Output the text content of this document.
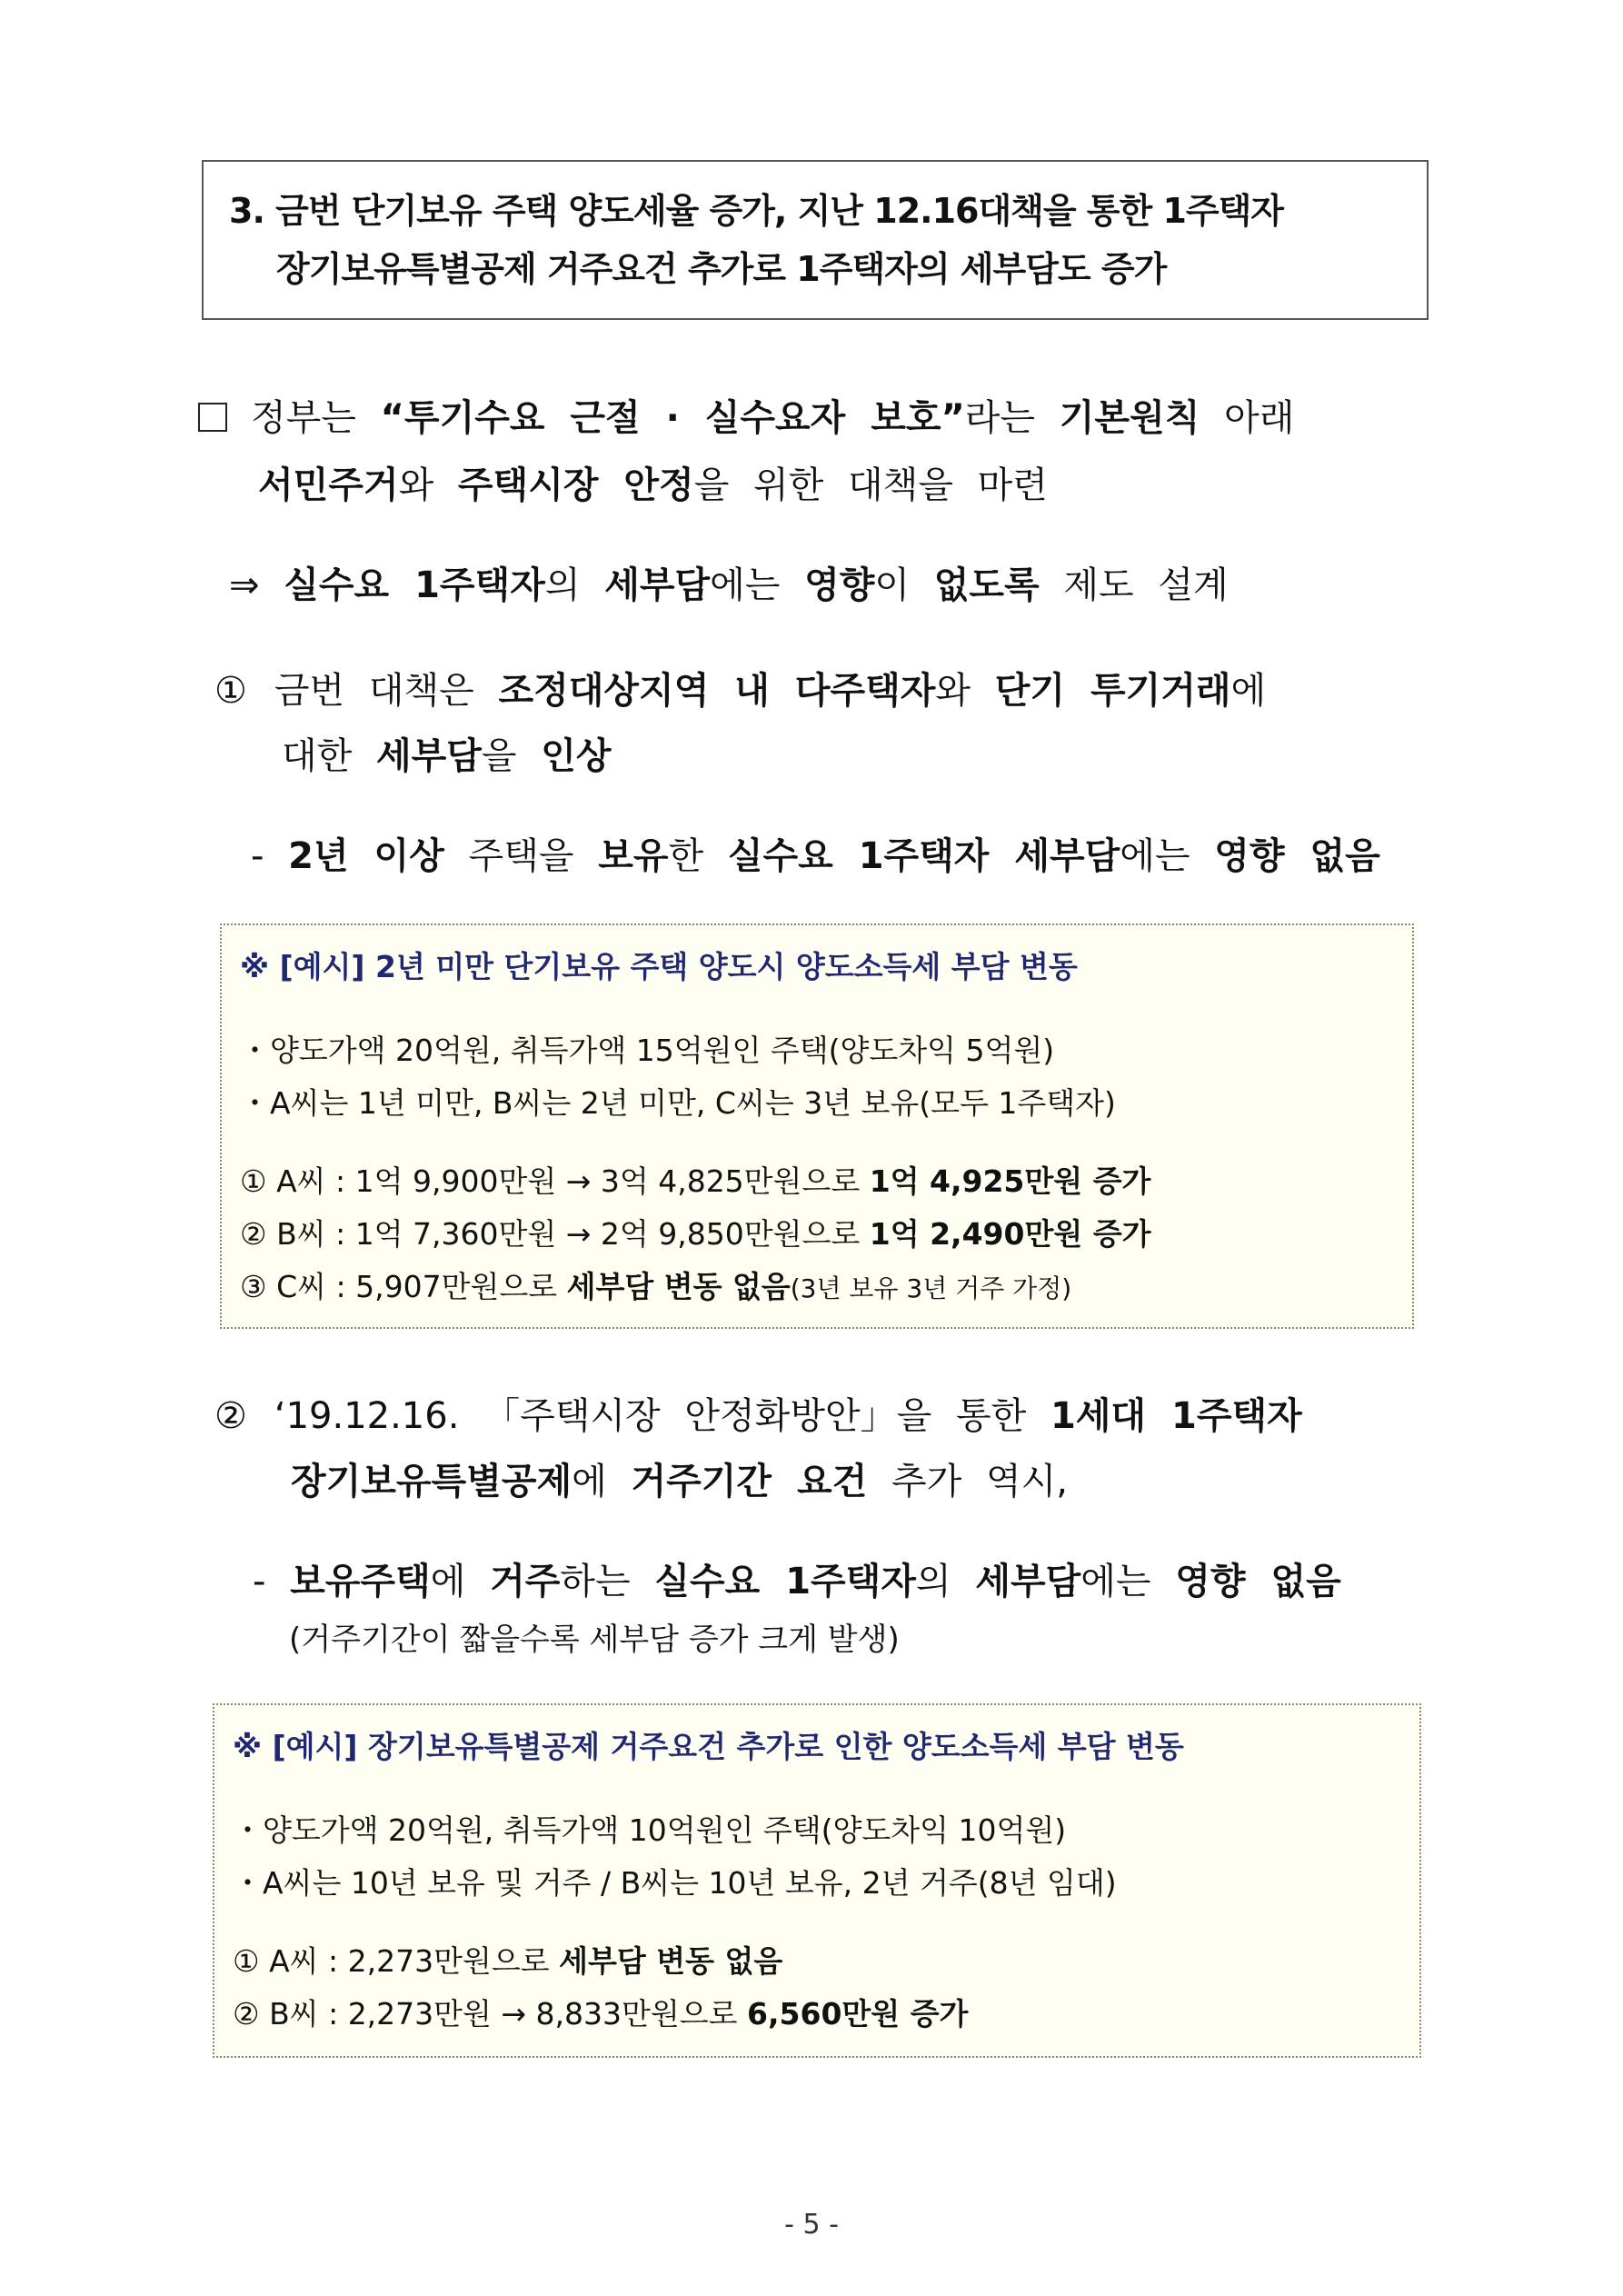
3. 금번 단기보유 주택 양도세율 증가, 지난 12.16대책을 통한 1주택자
장기보유특별공제 거주요건 추가로 1주택자의 세부담도 증가
정부는 “투기수요 근절 · 실수요자 보호”라는 기본원칙 아래
서민주거와 주택시장 안정을 위한 대책을 마련
⇒ 실수요 1주택자의 세부담에는 영향이 없도록 제도 설계
① 금번 대책은 조정대상지역 내 다주택자와 단기 투기거래에
대한 세부담을 인상
- 2년 이상 주택을 보유한 실수요 1주택자 세부담에는 영향 없음
※ [예시] 2년 미만 단기보유 주택 양도시 양도소득세 부담 변동
・양도가액 20억원, 취득가액 15억원인 주택(양도차익 5억원)
・A씨는 1년 미만, B씨는 2년 미만, C씨는 3년 보유(모두 1주택자)
① A씨 : 1억 9,900만원 → 3억 4,825만원으로 1억 4,925만원 증가
② B씨 : 1억 7,360만원 → 2억 9,850만원으로 1억 2,490만원 증가
③ C씨 : 5,907만원으로 세부담 변동 없음(3년 보유 3년 거주 가정)
② ‘19.12.16. 「주택시장 안정화방안」을 통한 1세대 1주택자
장기보유특별공제에 거주기간 요건 추가 역시,
- 보유주택에 거주하는 실수요 1주택자의 세부담에는 영향 없음
(거주기간이 짧을수록 세부담 증가 크게 발생)
※ [예시] 장기보유특별공제 거주요건 추가로 인한 양도소득세 부담 변동
・양도가액 20억원, 취득가액 10억원인 주택(양도차익 10억원)
・A씨는 10년 보유 및 거주 / B씨는 10년 보유, 2년 거주(8년 임대)
① A씨 : 2,273만원으로 세부담 변동 없음
② B씨 : 2,273만원 → 8,833만원으로 6,560만원 증가
- 5 -
